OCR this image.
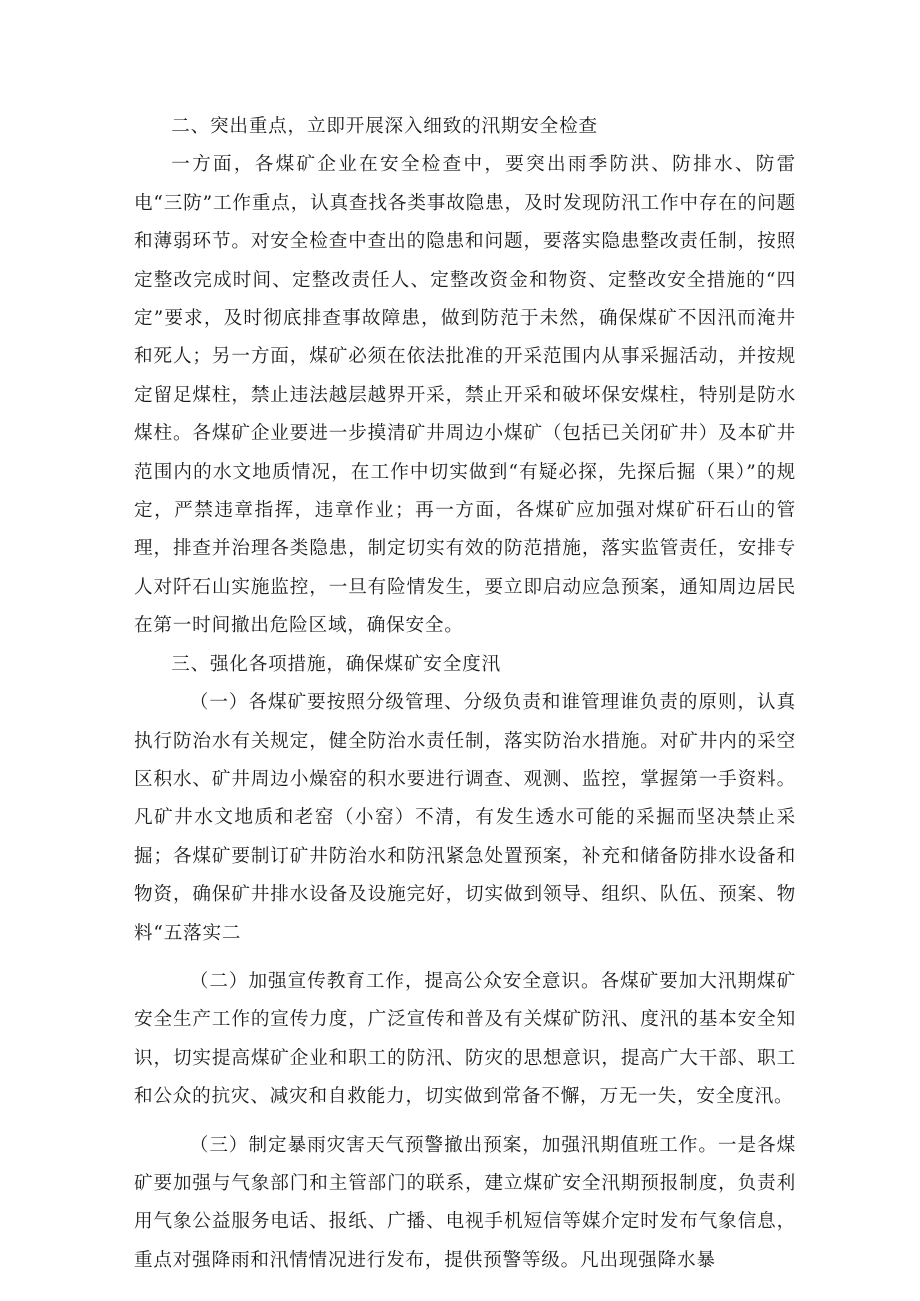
二、突出重点，立即开展深入细致的汛期安全检查

一方面，各煤矿企业在安全检查中，要突出雨季防洪、防排水、防雷电“三防”工作重点，认真查找各类事故隐患，及时发现防汛工作中存在的问题和薄弱环节。对安全检查中查出的隐患和问题，要落实隐患整改责任制，按照定整改完成时间、定整改责任人、定整改资金和物资、定整改安全措施的“四定”要求，及时彻底排查事故障患，做到防范于未然，确保煤矿不因汛而淹井和死人；另一方面，煤矿必须在依法批准的开采范围内从事采掘活动，并按规定留足煤柱，禁止违法越层越界开采，禁止开采和破坏保安煤柱，特别是防水煤柱。各煤矿企业要进一步摸清矿井周边小煤矿（包括已关闭矿井）及本矿井范围内的水文地质情况，在工作中切实做到“有疑必探，先探后掘（果）”的规定，严禁违章指挥，违章作业；再一方面，各煤矿应加强对煤矿矸石山的管理，排查并治理各类隐患，制定切实有效的防范措施，落实监管责任，安排专人对阡石山实施监控，一旦有险情发生，要立即启动应急预案，通知周边居民在第一时间撤出危险区域，确保安全。

三、强化各项措施，确保煤矿安全度汛

（一）各煤矿要按照分级管理、分级负责和谁管理谁负责的原则，认真执行防治水有关规定，健全防治水责任制，落实防治水措施。对矿井内的采空区积水、矿井周边小燥窑的积水要进行调查、观测、监控，掌握第一手资料。凡矿井水文地质和老窑（小窑）不清，有发生透水可能的采掘而坚决禁止采掘；各煤矿要制订矿井防治水和防汛紧急处置预案，补充和储备防排水设备和物资，确保矿井排水设备及设施完好，切实做到领导、组织、队伍、预案、物料“五落实二

（二）加强宣传教育工作，提高公众安全意识。各煤矿要加大汛期煤矿安全生产工作的宣传力度，广泛宣传和普及有关煤矿防汛、度汛的基本安全知识，切实提高煤矿企业和职工的防汛、防灾的思想意识，提高广大干部、职工和公众的抗灾、减灾和自救能力，切实做到常备不懈，万无一失，安全度汛。

（三）制定暴雨灾害天气预警撤出预案，加强汛期值班工作。一是各煤矿要加强与气象部门和主管部门的联系，建立煤矿安全汛期预报制度，负责利用气象公益服务电话、报纸、广播、电视手机短信等媒介定时发布气象信息，重点对强降雨和汛情情况进行发布，提供预警等级。凡出现强降水暴
